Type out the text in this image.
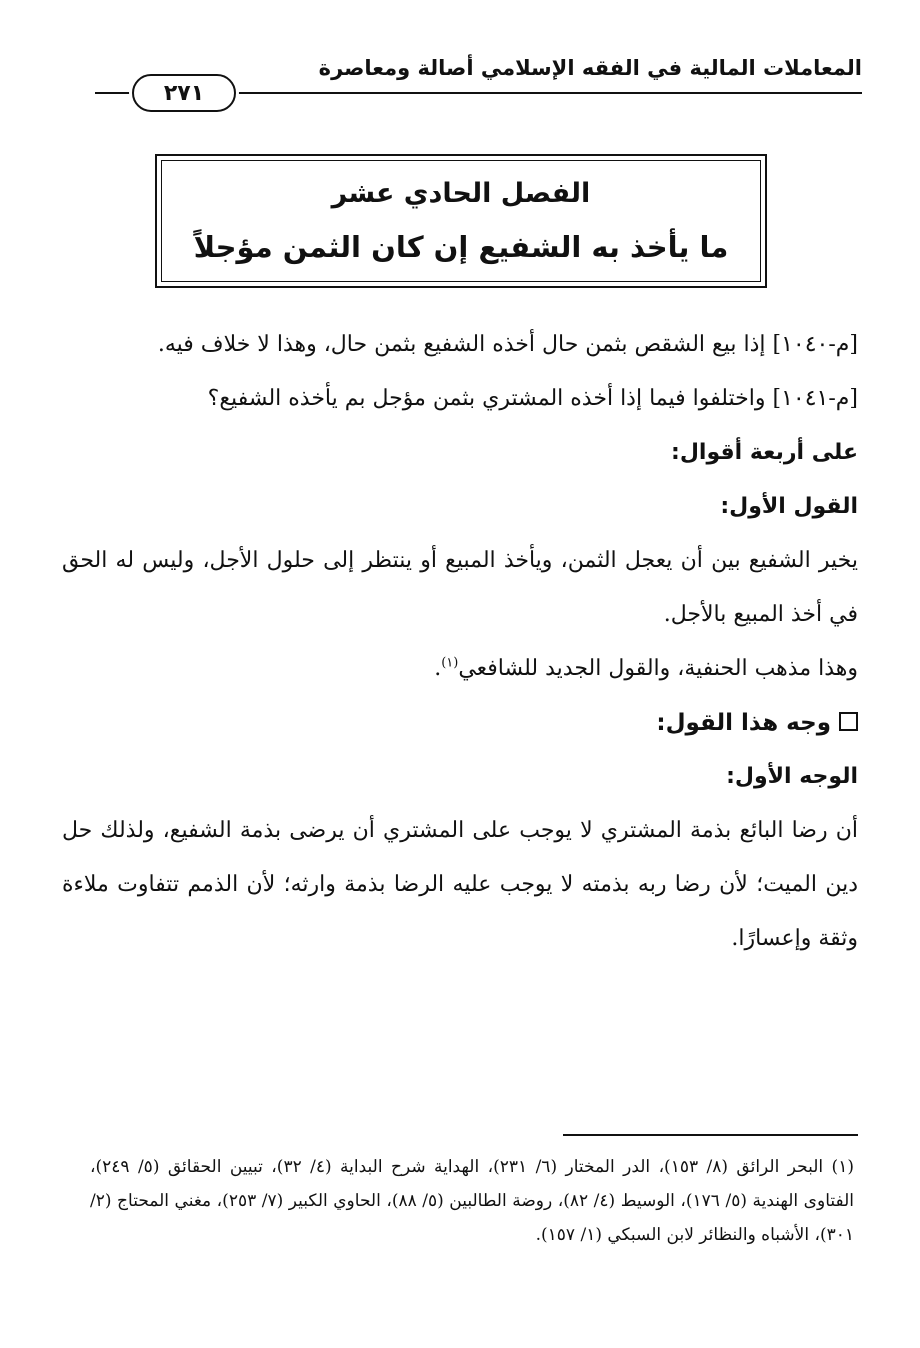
المعاملات المالية في الفقه الإسلامي أصالة ومعاصرة
٢٧١
الفصل الحادي عشر
ما يأخذ به الشفيع إن كان الثمن مؤجلاً

[م-١٠٤٠] إذا بيع الشقص بثمن حال أخذه الشفيع بثمن حال، وهذا لا خلاف فيه.

[م-١٠٤١] واختلفوا فيما إذا أخذه المشتري بثمن مؤجل بم يأخذه الشفيع؟

على أربعة أقوال:

القول الأول:

يخير الشفيع بين أن يعجل الثمن، ويأخذ المبيع أو ينتظر إلى حلول الأجل، وليس له الحق في أخذ المبيع بالأجل.

وهذا مذهب الحنفية، والقول الجديد للشافعي$^{(١)}$.

وجه هذا القول:

الوجه الأول:

أن رضا البائع بذمة المشتري لا يوجب على المشتري أن يرضى بذمة الشفيع، ولذلك حل دين الميت؛ لأن رضا ربه بذمته لا يوجب عليه الرضا بذمة وارثه؛ لأن الذمم تتفاوت ملاءة وثقة وإعسارًا.

(١) البحر الرائق (٨/ ١٥٣)، الدر المختار (٦/ ٢٣١)، الهداية شرح البداية (٤/ ٣٢)، تبيين الحقائق (٥/ ٢٤٩)، الفتاوى الهندية (٥/ ١٧٦)، الوسيط (٤/ ٨٢)، روضة الطالبين (٥/ ٨٨)، الحاوي الكبير (٧/ ٢٥٣)، مغني المحتاج (٢/ ٣٠١)، الأشباه والنظائر لابن السبكي (١/ ١٥٧).
